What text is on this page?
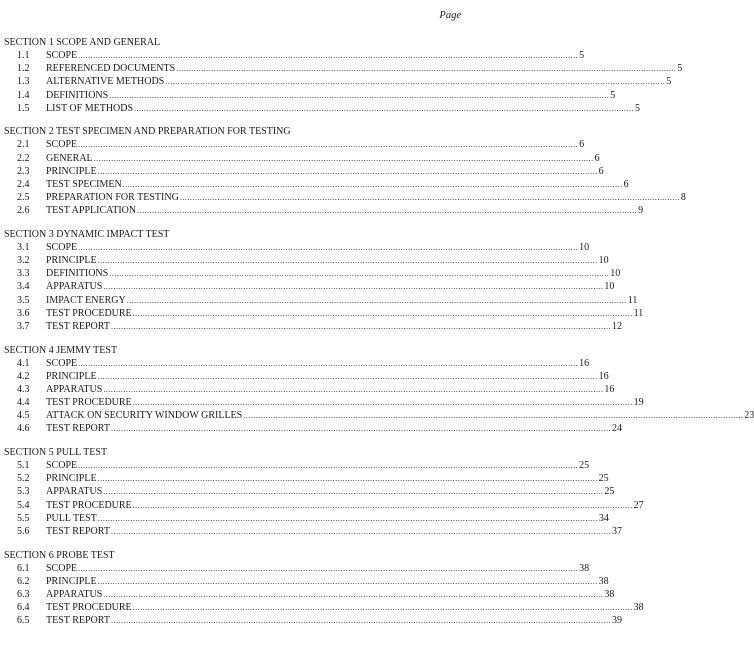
Page
SECTION 1 SCOPE AND GENERAL
1.1	SCOPE ........................................................................................................................................................................................................ 5
1.2	REFERENCED DOCUMENTS ........................................................................................................................................................................................................ 5
1.3	ALTERNATIVE METHODS ........................................................................................................................................................................................................ 5
1.4	DEFINITIONS ........................................................................................................................................................................................................ 5
1.5	LIST OF METHODS ........................................................................................................................................................................................................ 5
SECTION 2 TEST SPECIMEN AND PREPARATION FOR TESTING
2.1	SCOPE ........................................................................................................................................................................................................ 6
2.2	GENERAL ........................................................................................................................................................................................................ 6
2.3	PRINCIPLE ........................................................................................................................................................................................................ 6
2.4	TEST SPECIMEN ........................................................................................................................................................................................................ 6
2.5	PREPARATION FOR TESTING ........................................................................................................................................................................................................ 8
2.6	TEST APPLICATION ........................................................................................................................................................................................................ 9
SECTION 3 DYNAMIC IMPACT TEST
3.1	SCOPE ........................................................................................................................................................................................................ 10
3.2	PRINCIPLE ........................................................................................................................................................................................................ 10
3.3	DEFINITIONS ........................................................................................................................................................................................................ 10
3.4	APPARATUS ........................................................................................................................................................................................................ 10
3.5	IMPACT ENERGY ........................................................................................................................................................................................................ 11
3.6	TEST PROCEDURE ........................................................................................................................................................................................................ 11
3.7	TEST REPORT ........................................................................................................................................................................................................ 12
SECTION 4 JEMMY TEST
4.1	SCOPE ........................................................................................................................................................................................................ 16
4.2	PRINCIPLE ........................................................................................................................................................................................................ 16
4.3	APPARATUS ........................................................................................................................................................................................................ 16
4.4	TEST PROCEDURE ........................................................................................................................................................................................................ 19
4.5	ATTACK ON SECURITY WINDOW GRILLES ........................................................................................................................................................................................................ 23
4.6	TEST REPORT ........................................................................................................................................................................................................ 24
SECTION 5 PULL TEST
5.1	SCOPE ........................................................................................................................................................................................................ 25
5.2	PRINCIPLE ........................................................................................................................................................................................................ 25
5.3	APPARATUS ........................................................................................................................................................................................................ 25
5.4	TEST PROCEDURE ........................................................................................................................................................................................................ 27
5.5	PULL TEST ........................................................................................................................................................................................................ 34
5.6	TEST REPORT ........................................................................................................................................................................................................ 37
SECTION 6 PROBE TEST
6.1	SCOPE ........................................................................................................................................................................................................ 38
6.2	PRINCIPLE ........................................................................................................................................................................................................ 38
6.3	APPARATUS ........................................................................................................................................................................................................ 38
6.4	TEST PROCEDURE ........................................................................................................................................................................................................ 38
6.5	TEST REPORT ........................................................................................................................................................................................................ 39
